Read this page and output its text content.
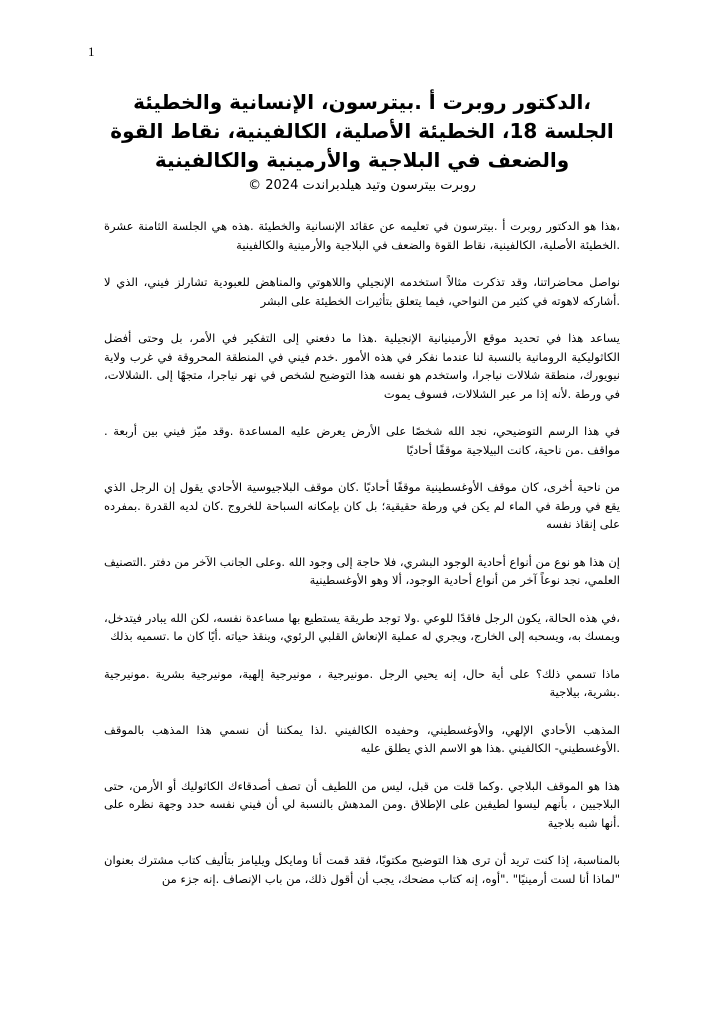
1
،الدكتور روبرت أ .بيترسون، الإنسانية والخطيئة
الجلسة 18، الخطيئة الأصلية، الكالفينية، نقاط القوة
والضعف في البلاجية والأرمينية والكالفينية
روبرت بيترسون وتيد هيلدبراندت 2024 ©

،هذا هو الدكتور روبرت أ .بيترسون في تعليمه عن عقائد الإنسانية والخطيئة .هذه هي الجلسة الثامنة عشرة .الخطيئة الأصلية، الكالفينية، نقاط القوة والضعف في البلاجية والأرمينية والكالفينية

نواصل محاضراتنا، وقد تذكرت مثالاً استخدمه الإنجيلي واللاهوتي والمناهض للعبودية تشارلز فيني، الذي لا .أشاركه لاهوته في كثير من النواحي، فيما يتعلق بتأثيرات الخطيئة على البشر

يساعد هذا في تحديد موقع الأرمينيانية الإنجيلية .هذا ما دفعني إلى التفكير في الأمر، بل وحتى أفضل الكاثوليكية الرومانية بالنسبة لنا عندما نفكر في هذه الأمور .خدم فيني في المنطقة المحروقة في غرب ولاية نيويورك، منطقة شلالات نياجرا، واستخدم هو نفسه هذا التوضيح لشخص في نهر نياجرا، متجهًا إلى .الشلالات، في ورطة .لأنه إذا مر عبر الشلالات، فسوف يموت

في هذا الرسم التوضيحي، نجد الله شخصًا على الأرض يعرض عليه المساعدة .وقد ميّز فيني بين أربعة . مواقف .من ناحية، كانت البيلاجية موقفًا أحاديًا

من ناحية أخرى، كان موقف الأوغسطينية موقفًا أحاديًا .كان موقف البلاجيوسية الأحادي يقول إن الرجل الذي يقع في ورطة في الماء لم يكن في ورطة حقيقية؛ بل كان بإمكانه السباحة للخروج .كان لديه القدرة .بمفرده على إنقاذ نفسه

إن هذا هو نوع من أنواع أحادية الوجود البشري، فلا حاجة إلى وجود الله .وعلى الجانب الآخر من دفتر .التصنيف العلمي، نجد نوعاً آخر من أنواع أحادية الوجود، ألا وهو الأوغسطينية

،في هذه الحالة، يكون الرجل فاقدًا للوعي .ولا توجد طريقة يستطيع بها مساعدة نفسه، لكن الله يبادر فيتدخل، ويمسك به، ويسحبه إلى الخارج، ويجري له عملية الإنعاش القلبي الرئوي، وينقذ حياته .أيًا كان ما .تسميه بذلك

ماذا تسمي ذلك؟ على أية حال، إنه يحيي الرجل .مونيرجية ، مونيرجية إلهية، مونيرجية بشرية .مونيرجية .بشرية، بيلاجية

المذهب الأحادي الإلهي، والأوغسطيني، وحفيده الكالفيني .لذا يمكننا أن نسمي هذا المذهب بالموقف .الأوغسطيني- الكالفيني .هذا هو الاسم الذي يطلق عليه

هذا هو الموقف البلاجي .وكما قلت من قبل، ليس من اللطيف أن تصف أصدقاءك الكاثوليك أو الأرمن، حتى البلاجيين ، بأنهم ليسوا لطيفين على الإطلاق .ومن المدهش بالنسبة لي أن فيني نفسه حدد وجهة نظره على .أنها شبه بلاجية

بالمناسبة، إذا كنت تريد أن ترى هذا التوضيح مكتوبًا، فقد قمت أنا ومايكل ويليامز بتأليف كتاب مشترك بعنوان "لماذا أنا لست أرمينيًا" ."أوه، إنه كتاب مضحك، يجب أن أقول ذلك، من باب الإنصاف .إنه جزء من
